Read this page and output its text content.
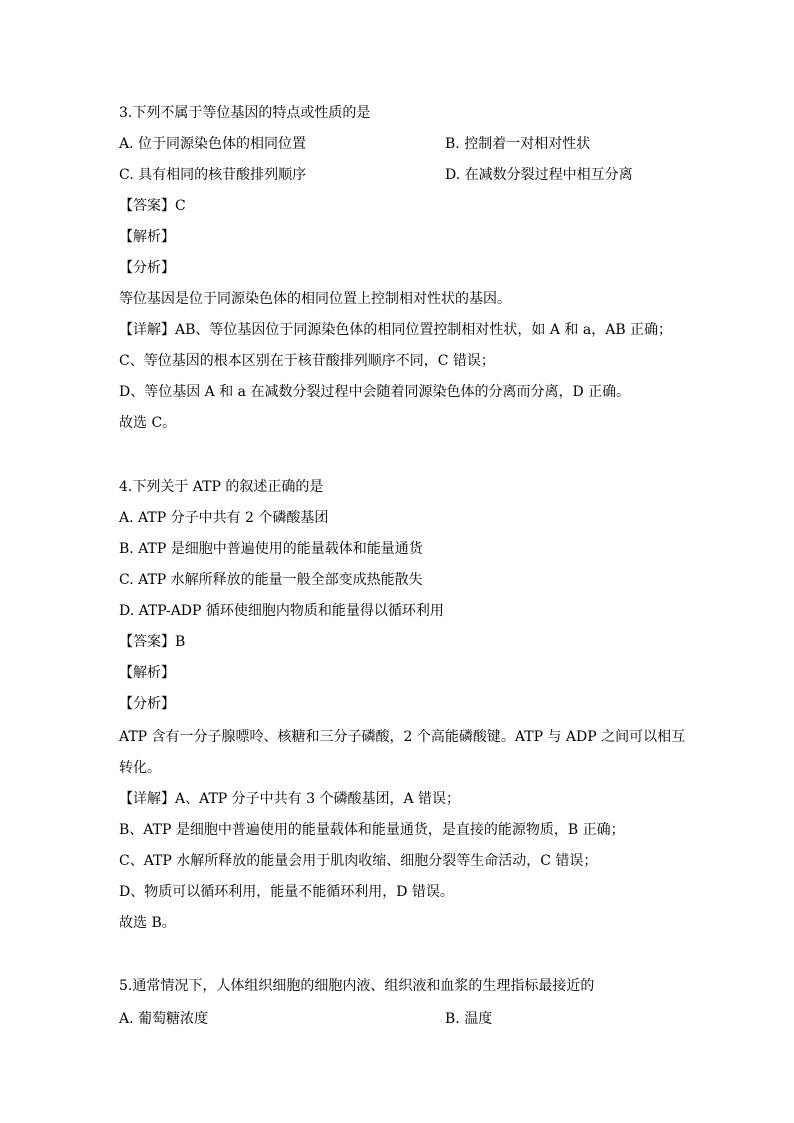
3.下列不属于等位基因的特点或性质的是
A. 位于同源染色体的相同位置	B. 控制着一对相对性状
C. 具有相同的核苷酸排列顺序	D. 在减数分裂过程中相互分离
【答案】C
【解析】
【分析】
等位基因是位于同源染色体的相同位置上控制相对性状的基因。
【详解】AB、等位基因位于同源染色体的相同位置控制相对性状，如 A 和 a，AB 正确；
C、等位基因的根本区别在于核苷酸排列顺序不同，C 错误；
D、等位基因 A 和 a 在减数分裂过程中会随着同源染色体的分离而分离，D 正确。
故选 C。
4.下列关于 ATP 的叙述正确的是
A. ATP 分子中共有 2 个磷酸基团
B. ATP 是细胞中普遍使用的能量载体和能量通货
C. ATP 水解所释放的能量一般全部变成热能散失
D. ATP-ADP 循环使细胞内物质和能量得以循环利用
【答案】B
【解析】
【分析】
ATP 含有一分子腺嘌呤、核糖和三分子磷酸，2 个高能磷酸键。ATP 与 ADP 之间可以相互
转化。
【详解】A、ATP 分子中共有 3 个磷酸基团，A 错误；
B、ATP 是细胞中普遍使用的能量载体和能量通货，是直接的能源物质，B 正确；
C、ATP 水解所释放的能量会用于肌肉收缩、细胞分裂等生命活动，C 错误；
D、物质可以循环利用，能量不能循环利用，D 错误。
故选 B。
5.通常情况下，人体组织细胞的细胞内液、组织液和血浆的生理指标最接近的
A. 葡萄糖浓度	B. 温度
